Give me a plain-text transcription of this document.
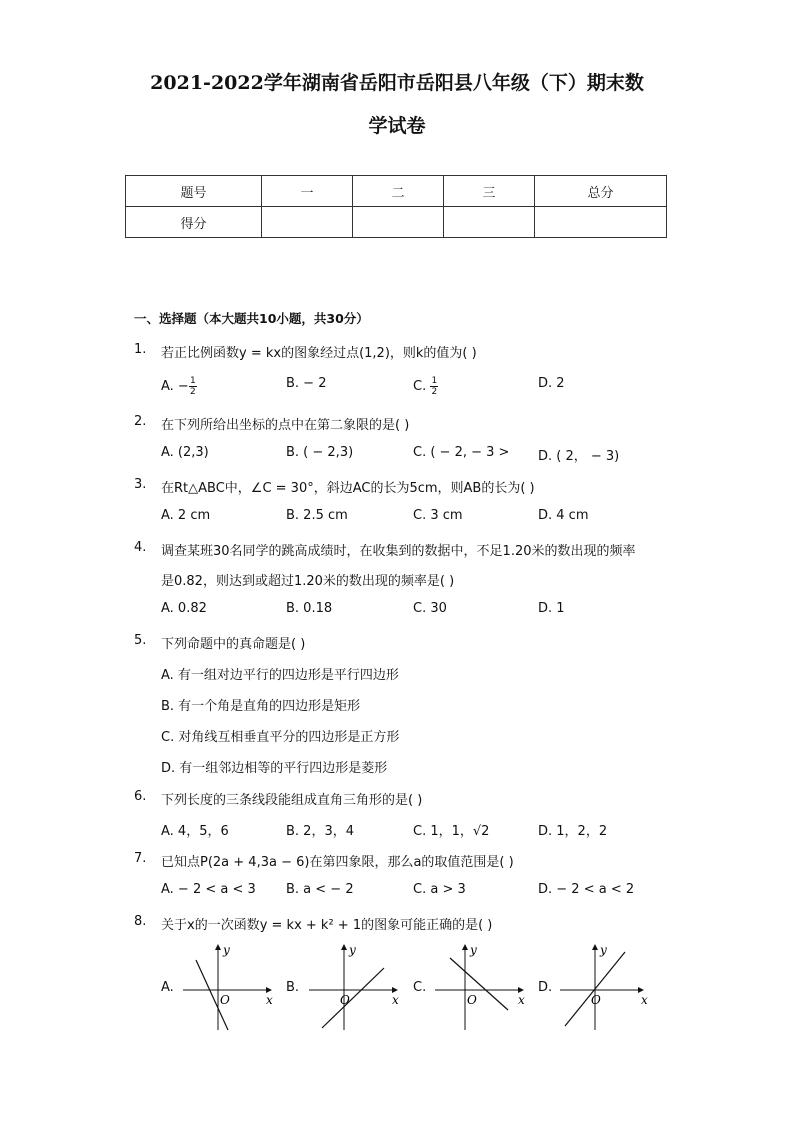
2021-2022学年湖南省岳阳市岳阳县八年级（下）期末数
学试卷
题号	一	二	三	总分
得分				
一、选择题（本大题共10小题，共30分）
1. 若正比例函数y = kx的图象经过点(1,2)，则k的值为( )
A. − $\frac{1}{2}$	B. − 2	C. $\frac{1}{2}$	D. 2
2. 在下列所给出坐标的点中在第二象限的是( )
A. (2,3)	B. ( − 2,3)	C. ( − 2, − 3 > D. ( 2， − 3)
3. 在Rt△ABC中，∠C = 30°，斜边AC的长为5cm，则AB的长为( )
A. 2 cm	B. 2.5 cm	C. 3 cm	D. 4 cm
4. 调查某班30名同学的跳高成绩时，在收集到的数据中，不足1.20米的数出现的频率
是0.82，则达到或超过1.20米的数出现的频率是( )
A. 0.82	B. 0.18	C. 30	D. 1
5. 下列命题中的真命题是( )
A. 有一组对边平行的四边形是平行四边形
B. 有一个角是直角的四边形是矩形
C. 对角线互相垂直平分的四边形是正方形
D. 有一组邻边相等的平行四边形是菱形
6. 下列长度的三条线段能组成直角三角形的是( )
A. 4，5，6	B. 2，3，4	C. 1，1，√2	D. 1，2，2
7. 已知点P(2a + 4,3a − 6)在第四象限，那么a的取值范围是( )
A. − 2 < a < 3 B. a < − 2	C. a > 3	D. − 2 < a < 2
8. 关于x的一次函数y = kx + k² + 1的图象可能正确的是( )
A.
x
y
O
B.
x
y
O
C.
x
y
O
D.
x
y
O
